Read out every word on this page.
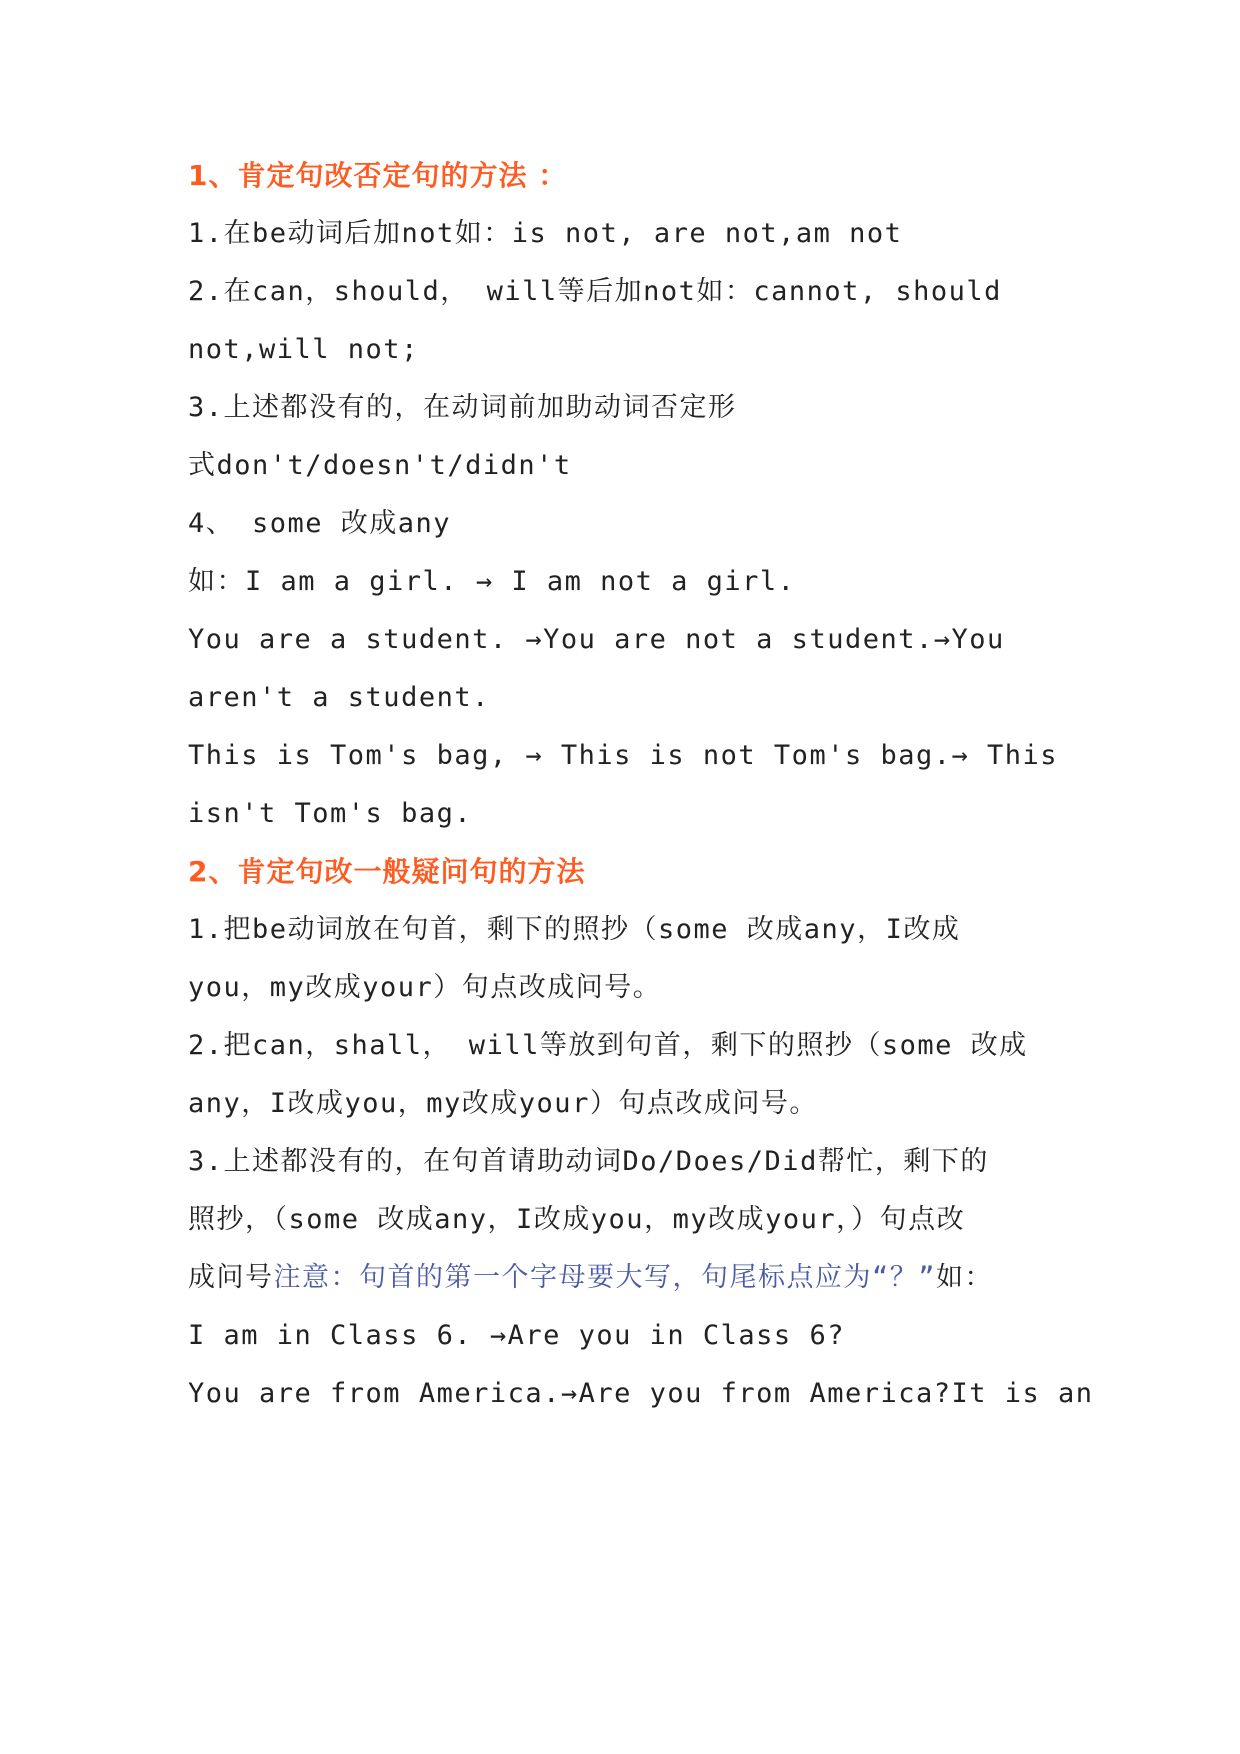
1、肯定句改否定句的方法 ：
1.在be动词后加not如：is not, are not,am not
2.在can，should， will等后加not如：cannot, should
not,will not;
3.上述都没有的，在动词前加助动词否定形
式don't/doesn't/didn't
4、 some 改成any
如：I am a girl. → I am not a girl.
You are a student. →You are not a student.→You
aren't a student.
This is Tom's bag, → This is not Tom's bag.→ This
isn't Tom's bag.
2、肯定句改一般疑问句的方法
1.把be动词放在句首，剩下的照抄（some 改成any，I改成
you，my改成your）句点改成问号。
2.把can，shall， will等放到句首，剩下的照抄（some 改成
any，I改成you，my改成your）句点改成问号。
3.上述都没有的，在句首请助动词Do/Does/Did帮忙，剩下的
照抄，（some 改成any，I改成you，my改成your，）句点改
成问号注意：句首的第一个字母要大写，句尾标点应为“？”如：
I am in Class 6. →Are you in Class 6?
You are from America.→Are you from America?It is an
